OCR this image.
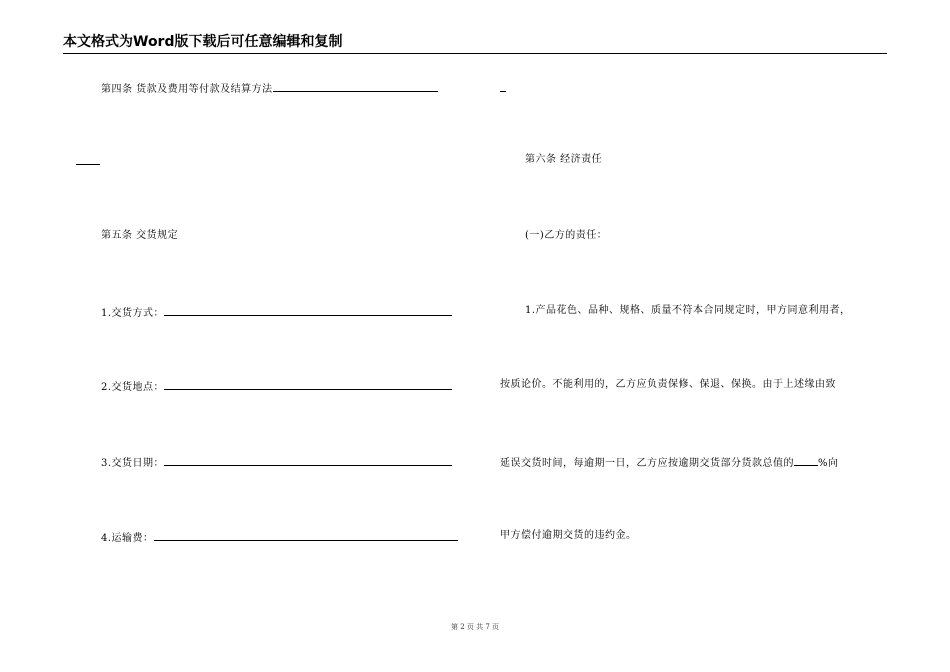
本文格式为Word版下载后可任意编辑和复制
第四条 货款及费用等付款及结算方法
第五条 交货规定
1.交货方式：
2.交货地点：
3.交货日期：
4.运输费：
第六条 经济责任
(一)乙方的责任：
1.产品花色、品种、规格、质量不符本合同规定时，甲方同意利用者，
按质论价。不能利用的，乙方应负责保修、保退、保换。由于上述缘由致
延误交货时间，每逾期一日，乙方应按逾期交货部分货款总值的 %向
甲方偿付逾期交货的违约金。
第 2 页 共 7 页
